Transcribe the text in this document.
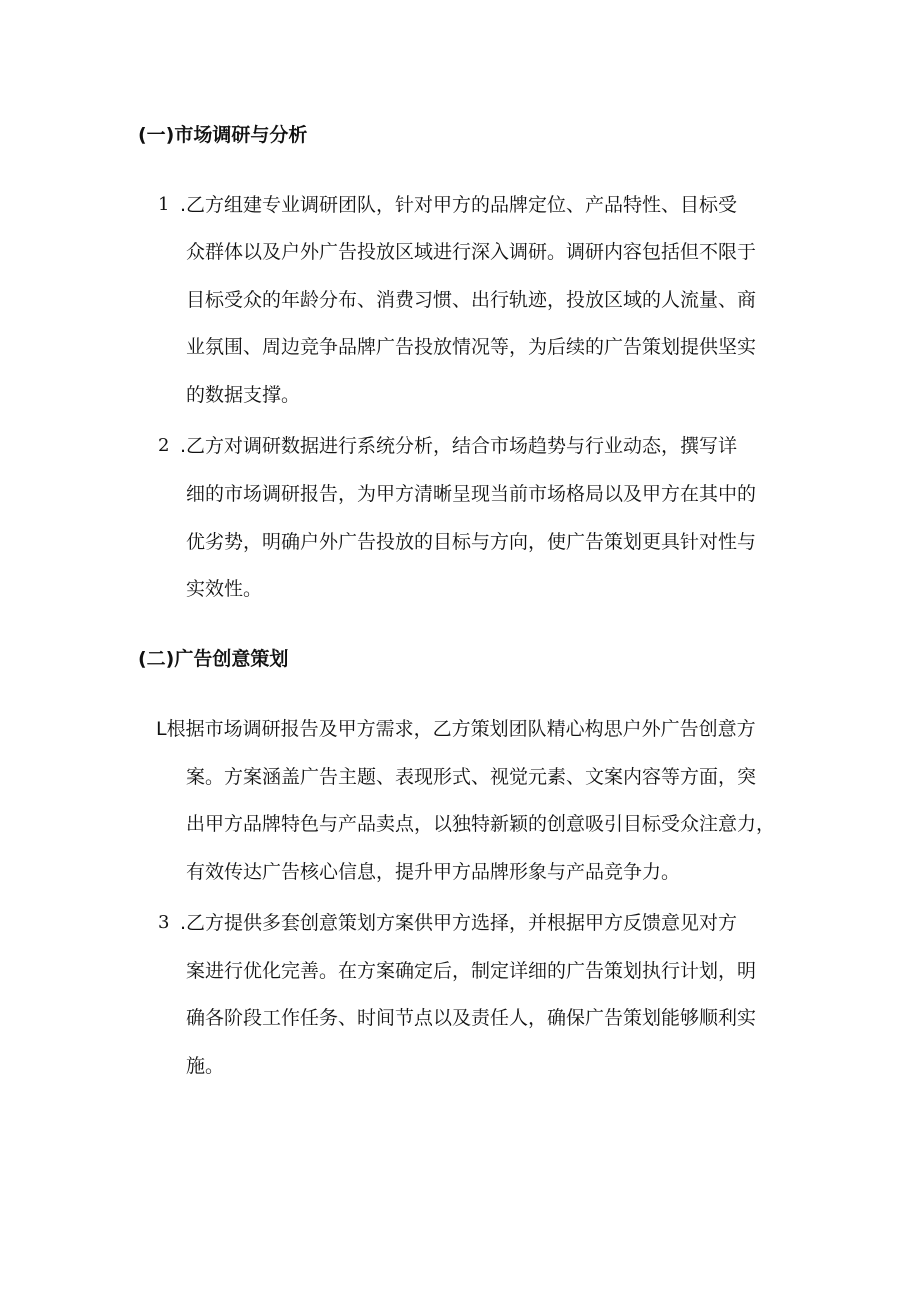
(一)市场调研与分析
1 .乙方组建专业调研团队，针对甲方的品牌定位、产品特性、目标受
众群体以及户外广告投放区域进行深入调研。调研内容包括但不限于
目标受众的年龄分布、消费习惯、出行轨迹，投放区域的人流量、商
业氛围、周边竞争品牌广告投放情况等，为后续的广告策划提供坚实
的数据支撑。
2 .乙方对调研数据进行系统分析，结合市场趋势与行业动态，撰写详
细的市场调研报告，为甲方清晰呈现当前市场格局以及甲方在其中的
优劣势，明确户外广告投放的目标与方向，使广告策划更具针对性与
实效性。
(二)广告创意策划
L根据市场调研报告及甲方需求，乙方策划团队精心构思户外广告创意方
案。方案涵盖广告主题、表现形式、视觉元素、文案内容等方面，突
出甲方品牌特色与产品卖点，以独特新颖的创意吸引目标受众注意力，
有效传达广告核心信息，提升甲方品牌形象与产品竞争力。
3 .乙方提供多套创意策划方案供甲方选择，并根据甲方反馈意见对方
案进行优化完善。在方案确定后，制定详细的广告策划执行计划，明
确各阶段工作任务、时间节点以及责任人，确保广告策划能够顺利实
施。
